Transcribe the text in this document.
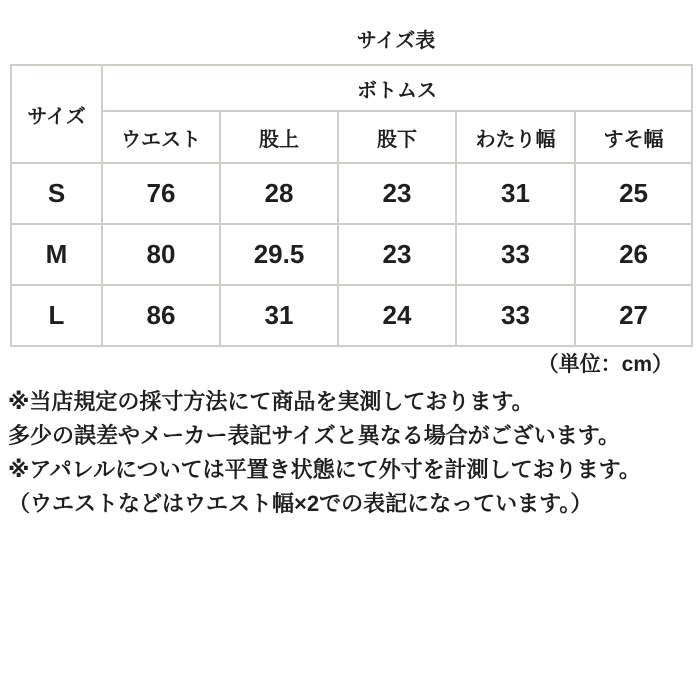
サイズ表
サイズ	ボトムス				
	ウエスト	股上	股下	わたり幅	すそ幅
S	76	28	23	31	25
M	80	29.5	23	33	26
L	86	31	24	33	27
（単位：cm）

※当店規定の採寸方法にて商品を実測しております。

多少の誤差やメーカー表記サイズと異なる場合がございます。

※アパレルについては平置き状態にて外寸を計測しております。

（ウエストなどはウエスト幅×2での表記になっています。）
